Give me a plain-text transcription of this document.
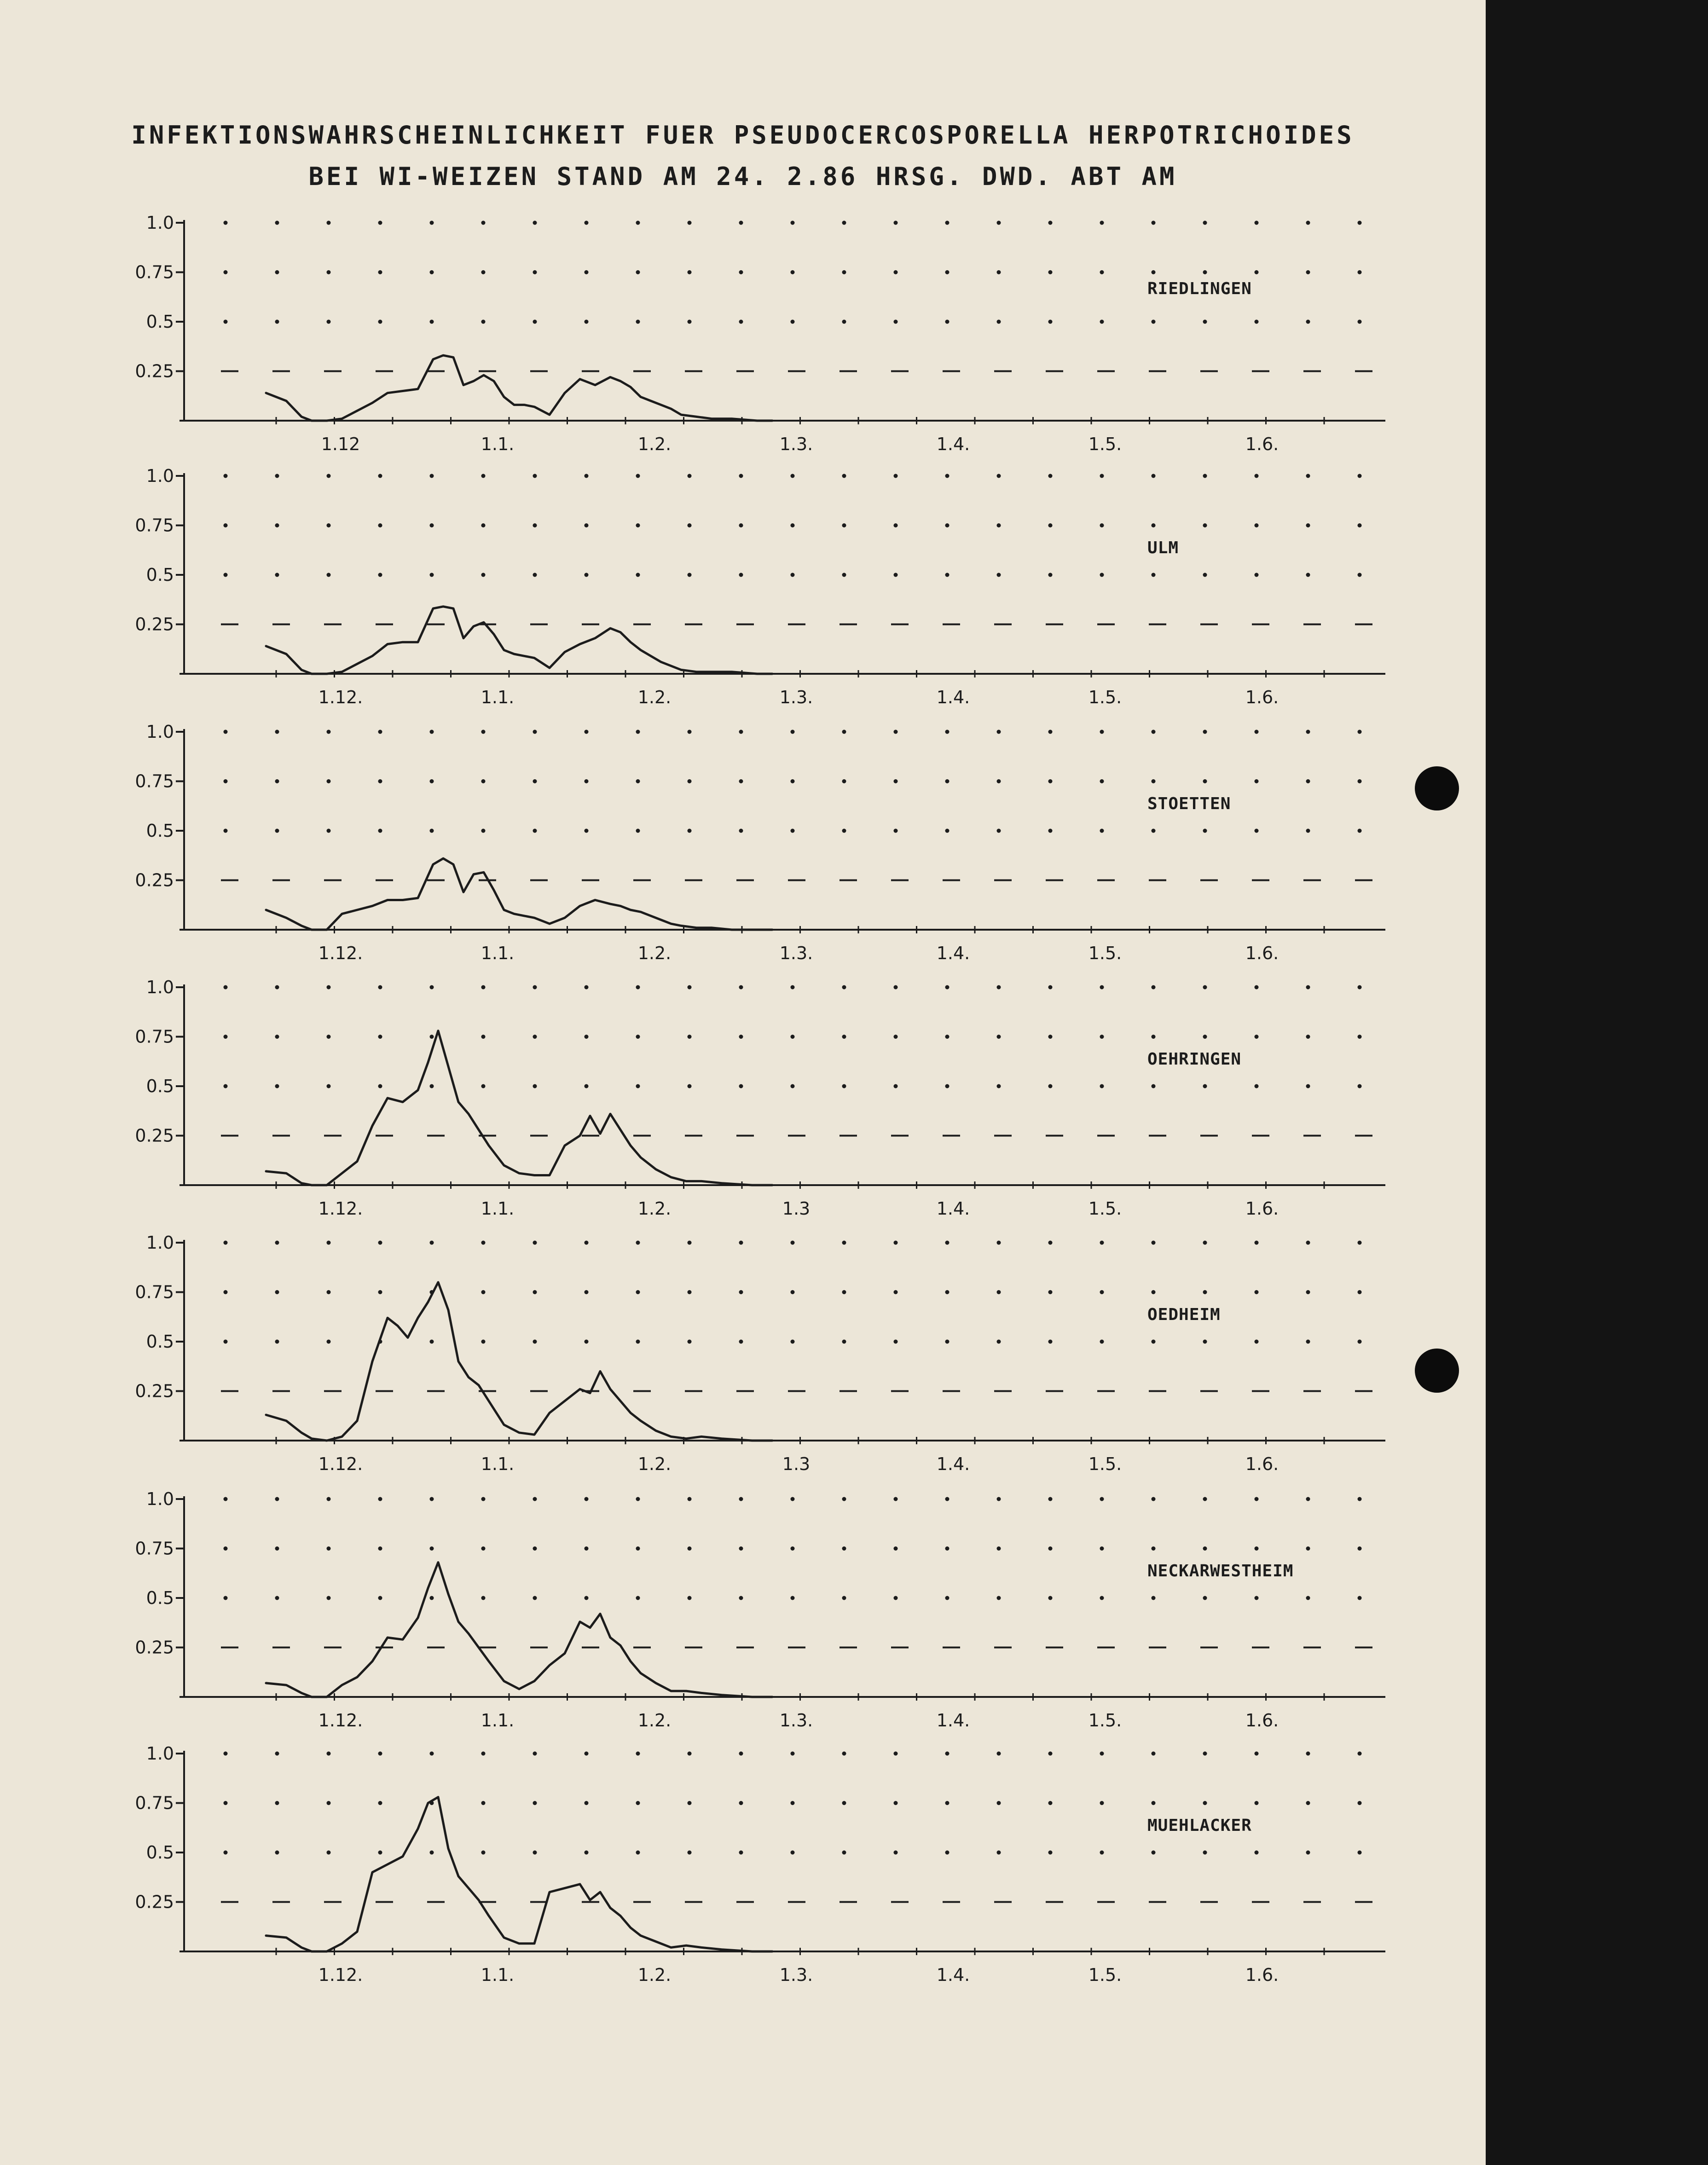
INFEKTIONSWAHRSCHEINLICHKEIT FUER PSEUDOCERCOSPORELLA HERPOTRICHOIDES
BEI WI-WEIZEN STAND AM 24. 2.86 HRSG. DWD. ABT AM
1.0
0.75
0.5
0.25
1.12	1.1.	1.2.	1.3.	1.4.	1.5.	1.6.
RIEDLINGEN
1.0
0.75
0.5
0.25
1.12.	1.1.	1.2.	1.3.	1.4.	1.5.	1.6.
ULM
1.0
0.75
0.5
0.25
1.12.	1.1.	1.2.	1.3.	1.4.	1.5.	1.6.
STOETTEN
1.0
0.75
0.5
0.25
1.12.	1.1.	1.2.	1.3	1.4.	1.5.	1.6.
OEHRINGEN
1.0
0.75
0.5
0.25
1.12.	1.1.	1.2.	1.3	1.4.	1.5.	1.6.
OEDHEIM
1.0
0.75
0.5
0.25
1.12.	1.1.	1.2.	1.3.	1.4.	1.5.	1.6.
NECKARWESTHEIM
1.0
0.75
0.5
0.25
1.12.	1.1.	1.2.	1.3.	1.4.	1.5.	1.6.
MUEHLACKER
